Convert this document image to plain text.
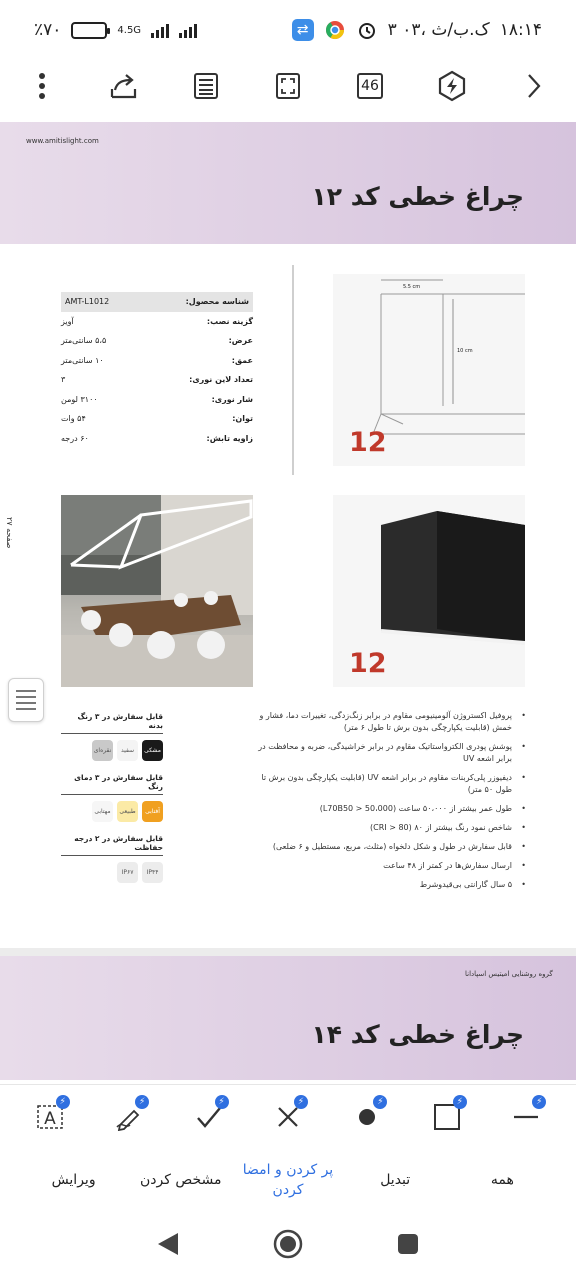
٪۷۰	4.5G	⇄	۳ ک.ب/ث ،۰۳ ۱۸:۱۴
46
www.amitislight.com
چراغ خطی کد ۱۲
صفحه ۲۷
شناسه محصول:
AMT-L1012
گزینه نصب:
آویز
عرض:
۵،۵ سانتی‌متر
عمق:
۱۰ سانتی‌متر
تعداد لاین نوری:
۳
شار نوری:
۳۱۰۰ لومن
توان:
۵۴ وات
زاویه تابش:
۶۰ درجه
5.5 cm
10 cm
12
12
• پروفیل اکستروژن آلومینیومی مقاوم در برابر زنگ‌زدگی، تغییرات دما، فشار و خمش (قابلیت یکپارچگی بدون برش تا طول ۶ متر)
• پوشش پودری الکترواستاتیک مقاوم در برابر خراشیدگی، ضربه و محافظت در برابر اشعه UV
• دیفیوزر پلی‌کربنات مقاوم در برابر اشعه UV (قابلیت یکپارچگی بدون برش تا طول ۵۰ متر)
• طول عمر بیشتر از ۵۰،۰۰۰ ساعت (L70B50 > 50،000)
• شاخص نمود رنگ بیشتر از ۸۰ (CRI > 80)
• قابل سفارش در طول و شکل دلخواه (مثلث، مربع، مستطیل و ۶ ضلعی)
• ارسال سفارش‌ها در کمتر از ۴۸ ساعت
• ۵ سال گارانتی بی‌قیدوشرط
قابل سفارش در ۳ رنگ بدنه
مشکی
سفید
نقره‌ای
قابل سفارش در ۳ دمای رنگ
آفتابی
طبیعی
مهتابی
قابل سفارش در ۲ درجه حفاظت
IP۴۴
IP۶۷
گروه روشنایی امیتیس اسپادانا
چراغ خطی کد ۱۴
A
⚡	⚡	⚡	⚡	⚡	⚡	⚡
همه
تبدیل
پر کردن و امضا کردن
مشخص کردن
ویرایش
